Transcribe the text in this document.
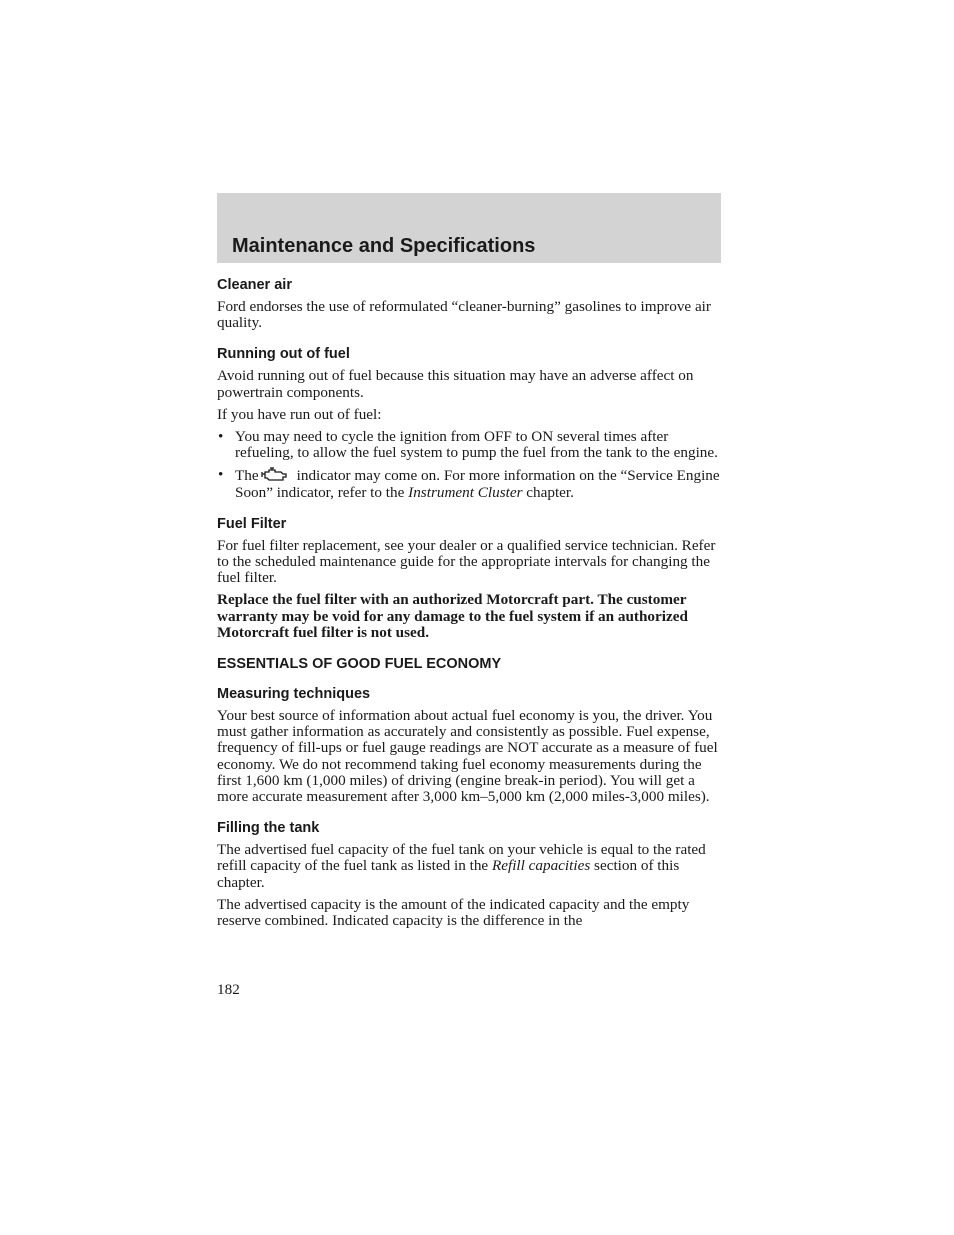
Maintenance and Specifications
Cleaner air

Ford endorses the use of reformulated “cleaner-burning” gasolines to improve air quality.

Running out of fuel

Avoid running out of fuel because this situation may have an adverse affect on powertrain components.

If you have run out of fuel:

• You may need to cycle the ignition from OFF to ON several times after refueling, to allow the fuel system to pump the fuel from the tank to the engine.
• The	indicator may come on. For more information on the “Service Engine Soon” indicator, refer to the Instrument Cluster chapter.
Fuel Filter

For fuel filter replacement, see your dealer or a qualified service technician. Refer to the scheduled maintenance guide for the appropriate intervals for changing the fuel filter.

Replace the fuel filter with an authorized Motorcraft part. The customer warranty may be void for any damage to the fuel system if an authorized Motorcraft fuel filter is not used.

ESSENTIALS OF GOOD FUEL ECONOMY
Measuring techniques

Your best source of information about actual fuel economy is you, the driver. You must gather information as accurately and consistently as possible. Fuel expense, frequency of fill-ups or fuel gauge readings are NOT accurate as a measure of fuel economy. We do not recommend taking fuel economy measurements during the first 1,600 km (1,000 miles) of driving (engine break-in period). You will get a more accurate measurement after 3,000 km–5,000 km (2,000 miles-3,000 miles).

Filling the tank

The advertised fuel capacity of the fuel tank on your vehicle is equal to the rated refill capacity of the fuel tank as listed in the Refill capacities section of this chapter.

The advertised capacity is the amount of the indicated capacity and the empty reserve combined. Indicated capacity is the difference in the

182
